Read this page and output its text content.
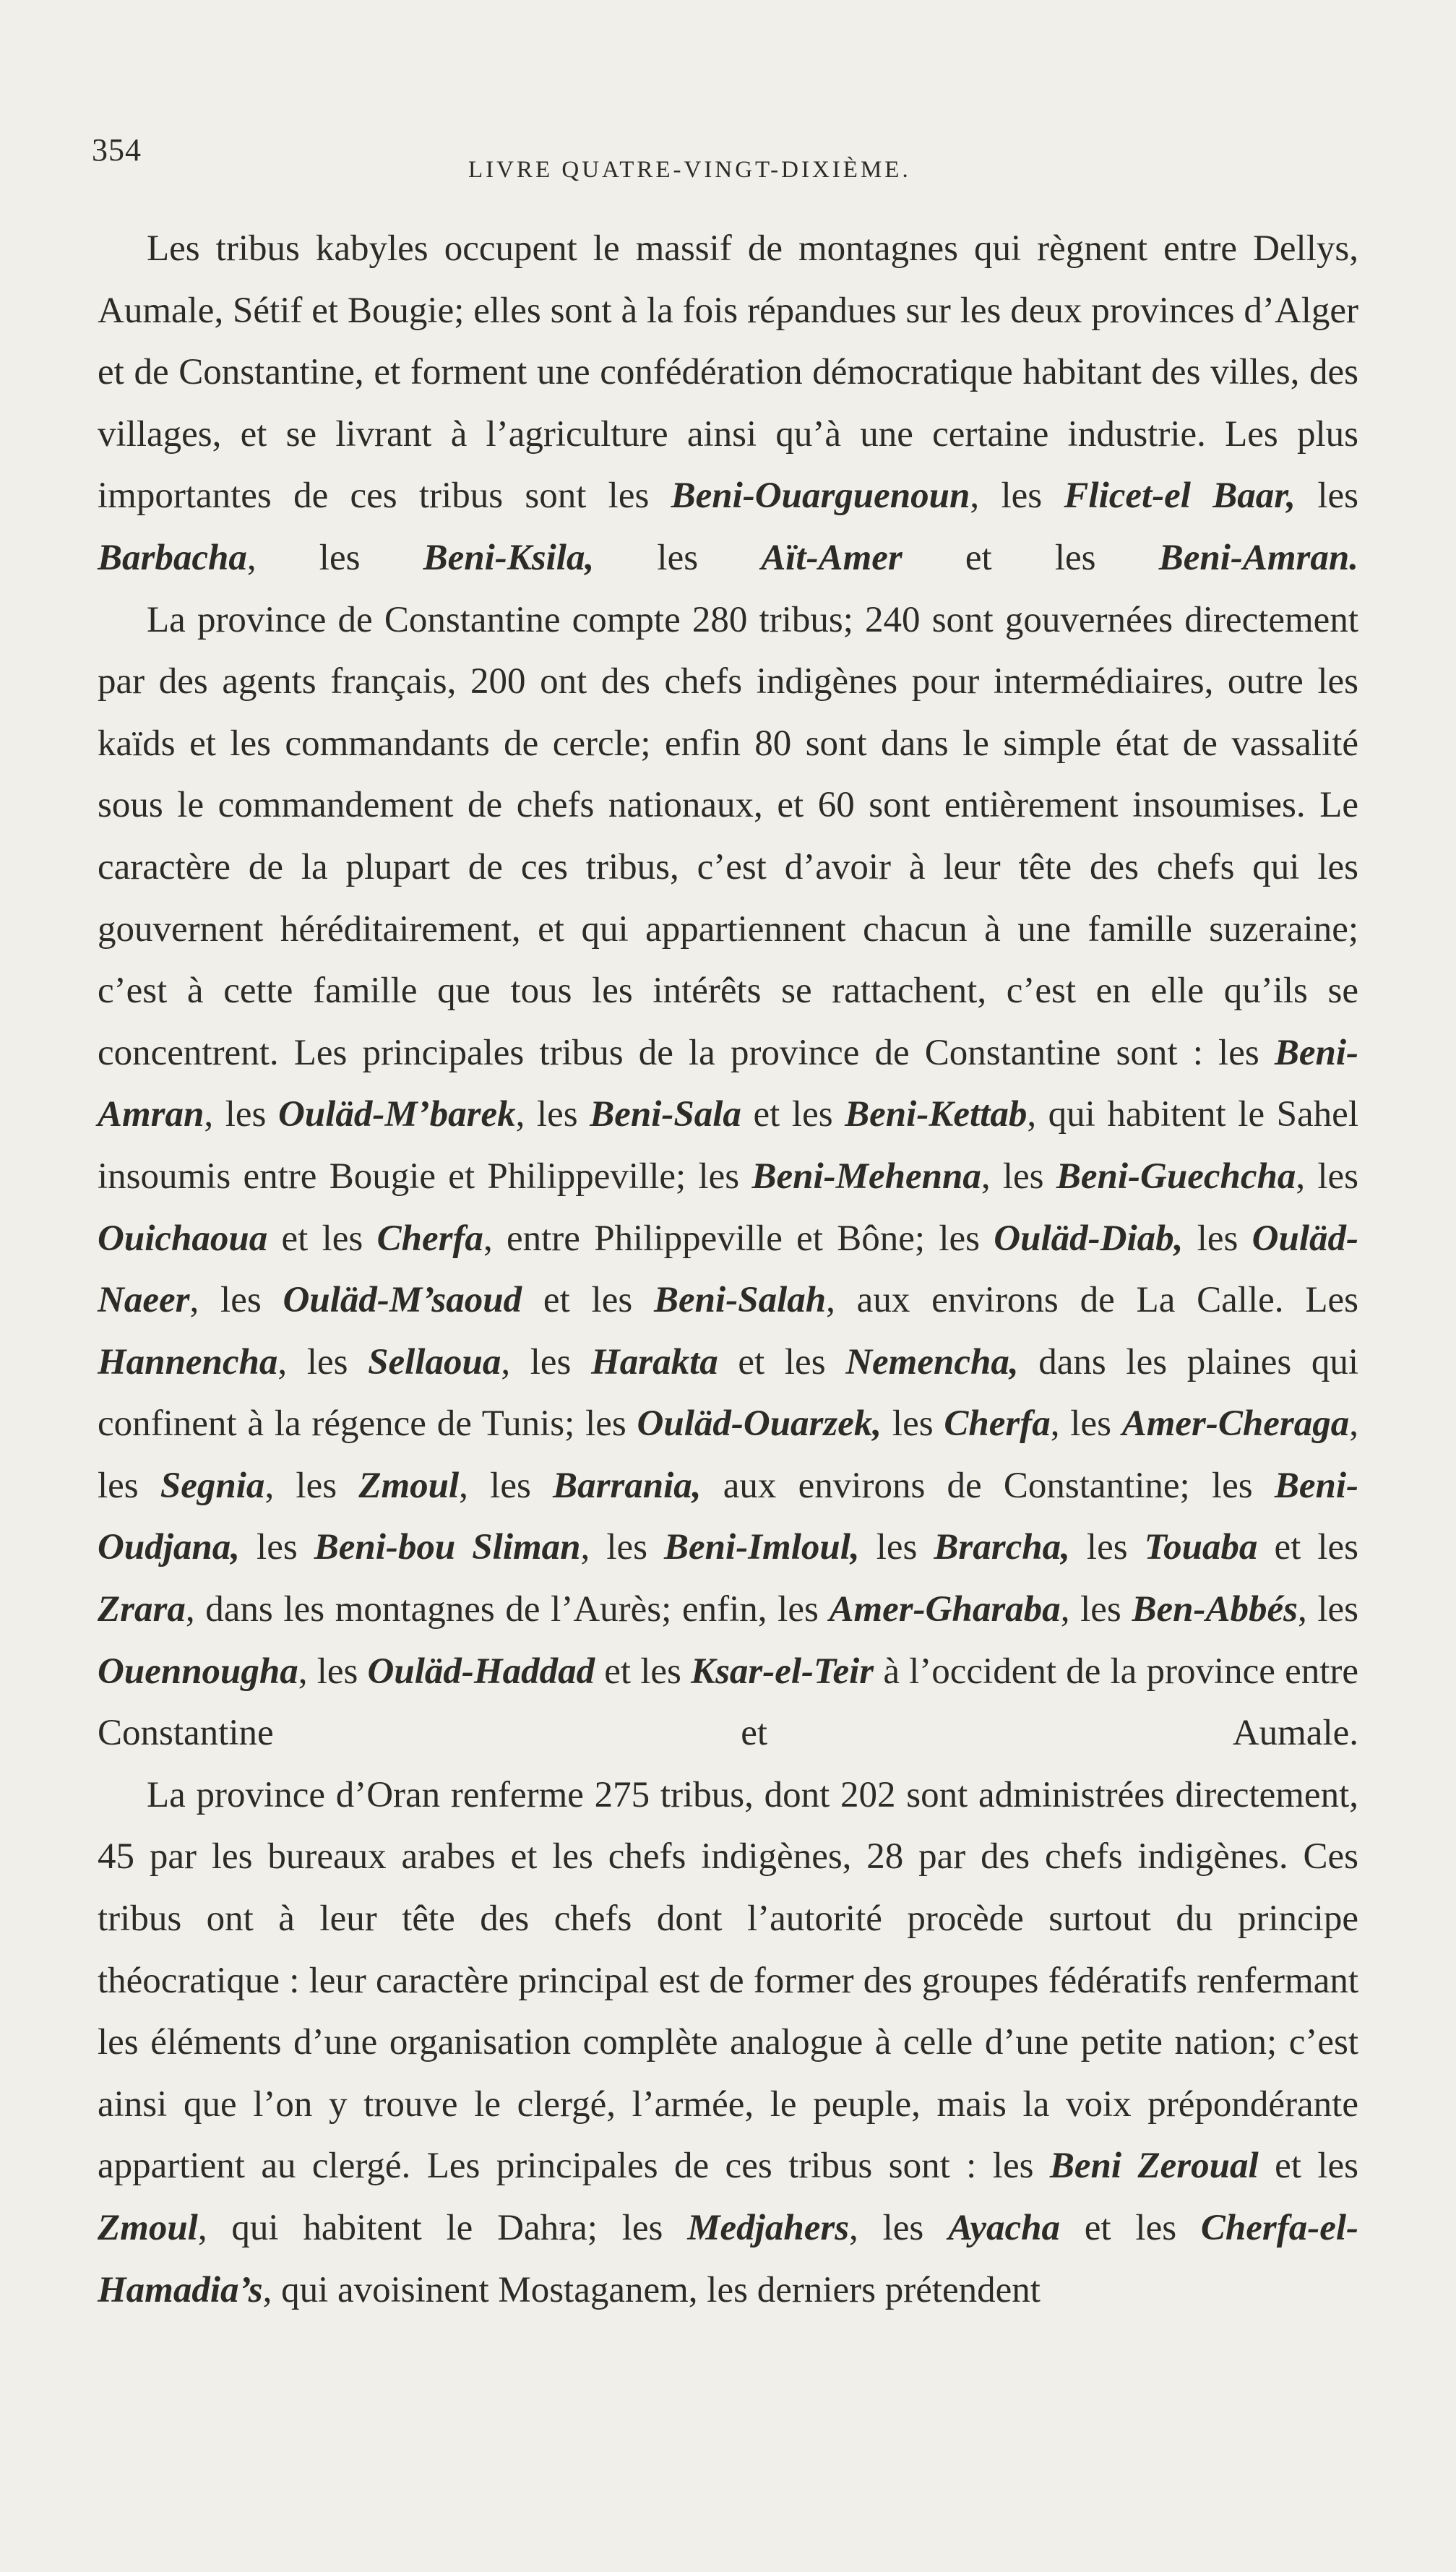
354
LIVRE QUATRE-VINGT-DIXIÈME.

Les tribus kabyles occupent le massif de montagnes qui règnent entre Dellys, Aumale, Sétif et Bougie; elles sont à la fois répandues sur les deux provinces d’Alger et de Constantine, et forment une confédération démocratique habitant des villes, des villages, et se livrant à l’agriculture ainsi qu’à une certaine industrie. Les plus importantes de ces tribus sont les Beni-Ouarguenoun, les Flicet-el Baar, les Barbacha, les Beni-Ksila, les Aït-Amer et les Beni-Amran.

La province de Constantine compte 280 tribus; 240 sont gouvernées directement par des agents français, 200 ont des chefs indigènes pour intermédiaires, outre les kaïds et les commandants de cercle; enfin 80 sont dans le simple état de vassalité sous le commandement de chefs nationaux, et 60 sont entièrement insoumises. Le caractère de la plupart de ces tribus, c’est d’avoir à leur tête des chefs qui les gouvernent héréditairement, et qui appartiennent chacun à une famille suzeraine; c’est à cette famille que tous les intérêts se rattachent, c’est en elle qu’ils se concentrent. Les principales tribus de la province de Constantine sont : les Beni-Amran, les Ouläd-M’barek, les Beni-Sala et les Beni-Kettab, qui habitent le Sahel insoumis entre Bougie et Philippeville; les Beni-Mehenna, les Beni-Guechcha, les Ouichaoua et les Cherfa, entre Philippeville et Bône; les Ouläd-Diab, les Ouläd-Naeer, les Ouläd-M’saoud et les Beni-Salah, aux environs de La Calle. Les Hannencha, les Sellaoua, les Harakta et les Nemencha, dans les plaines qui confinent à la régence de Tunis; les Ouläd-Ouarzek, les Cherfa, les Amer-Cheraga, les Segnia, les Zmoul, les Barrania, aux environs de Constantine; les Beni-Oudjana, les Beni-bou Sliman, les Beni-Imloul, les Brarcha, les Touaba et les Zrara, dans les montagnes de l’Aurès; enfin, les Amer-Gharaba, les Ben-Abbés, les Ouennougha, les Ouläd-Haddad et les Ksar-el-Teir à l’occident de la province entre Constantine et Aumale.

La province d’Oran renferme 275 tribus, dont 202 sont administrées directement, 45 par les bureaux arabes et les chefs indigènes, 28 par des chefs indigènes. Ces tribus ont à leur tête des chefs dont l’autorité procède surtout du principe théocratique : leur caractère principal est de former des groupes fédératifs renfermant les éléments d’une organisation complète analogue à celle d’une petite nation; c’est ainsi que l’on y trouve le clergé, l’armée, le peuple, mais la voix prépondérante appartient au clergé. Les principales de ces tribus sont : les Beni Zeroual et les Zmoul, qui habitent le Dahra; les Medjahers, les Ayacha et les Cherfa-el-Hamadia’s, qui avoisinent Mostaganem, les derniers prétendent
